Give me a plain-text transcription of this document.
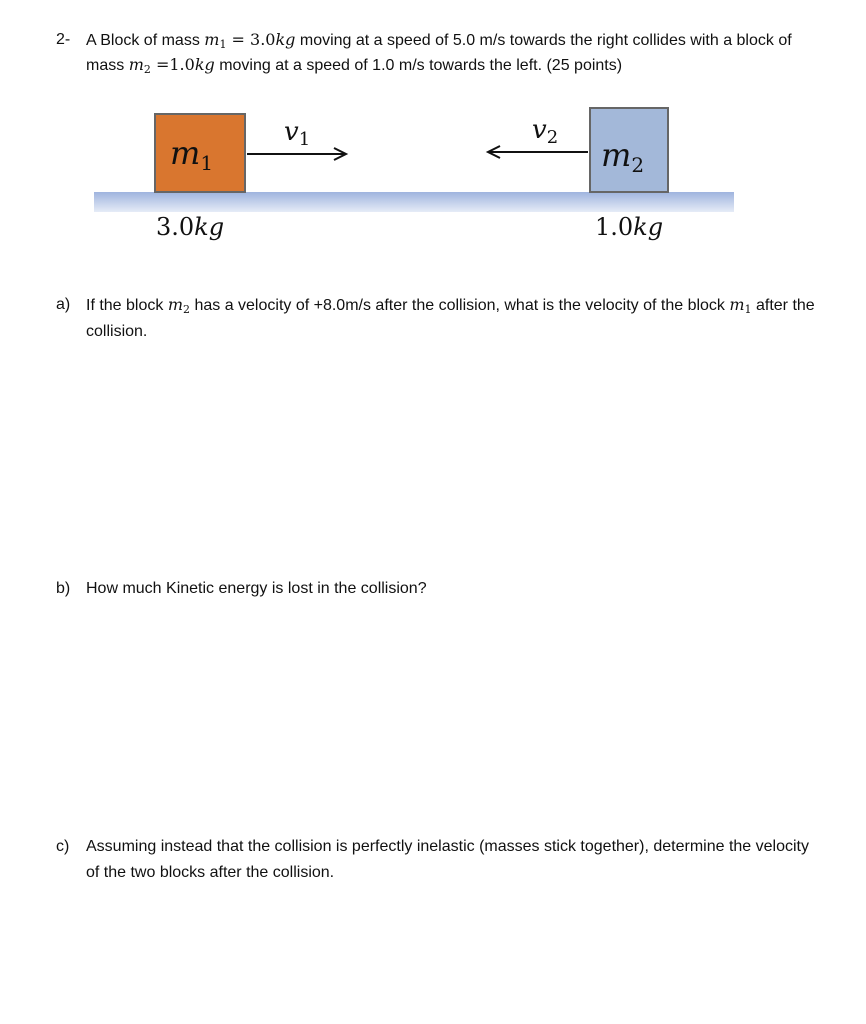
2- A Block of mass $m_1 = 3.0kg$ moving at a speed of 5.0 m/s towards the right collides with a block of mass $m_2 =1.0kg$ moving at a speed of 1.0 m/s towards the left. (25 points)
m1	m2
v1	v2
3.0kg	1.0kg
a) If the block $m_2$ has a velocity of +8.0m/s after the collision, what is the velocity of the block $m_1$ after the collision.
b) How much Kinetic energy is lost in the collision?
c) Assuming instead that the collision is perfectly inelastic (masses stick together), determine the velocity of the two blocks after the collision.
